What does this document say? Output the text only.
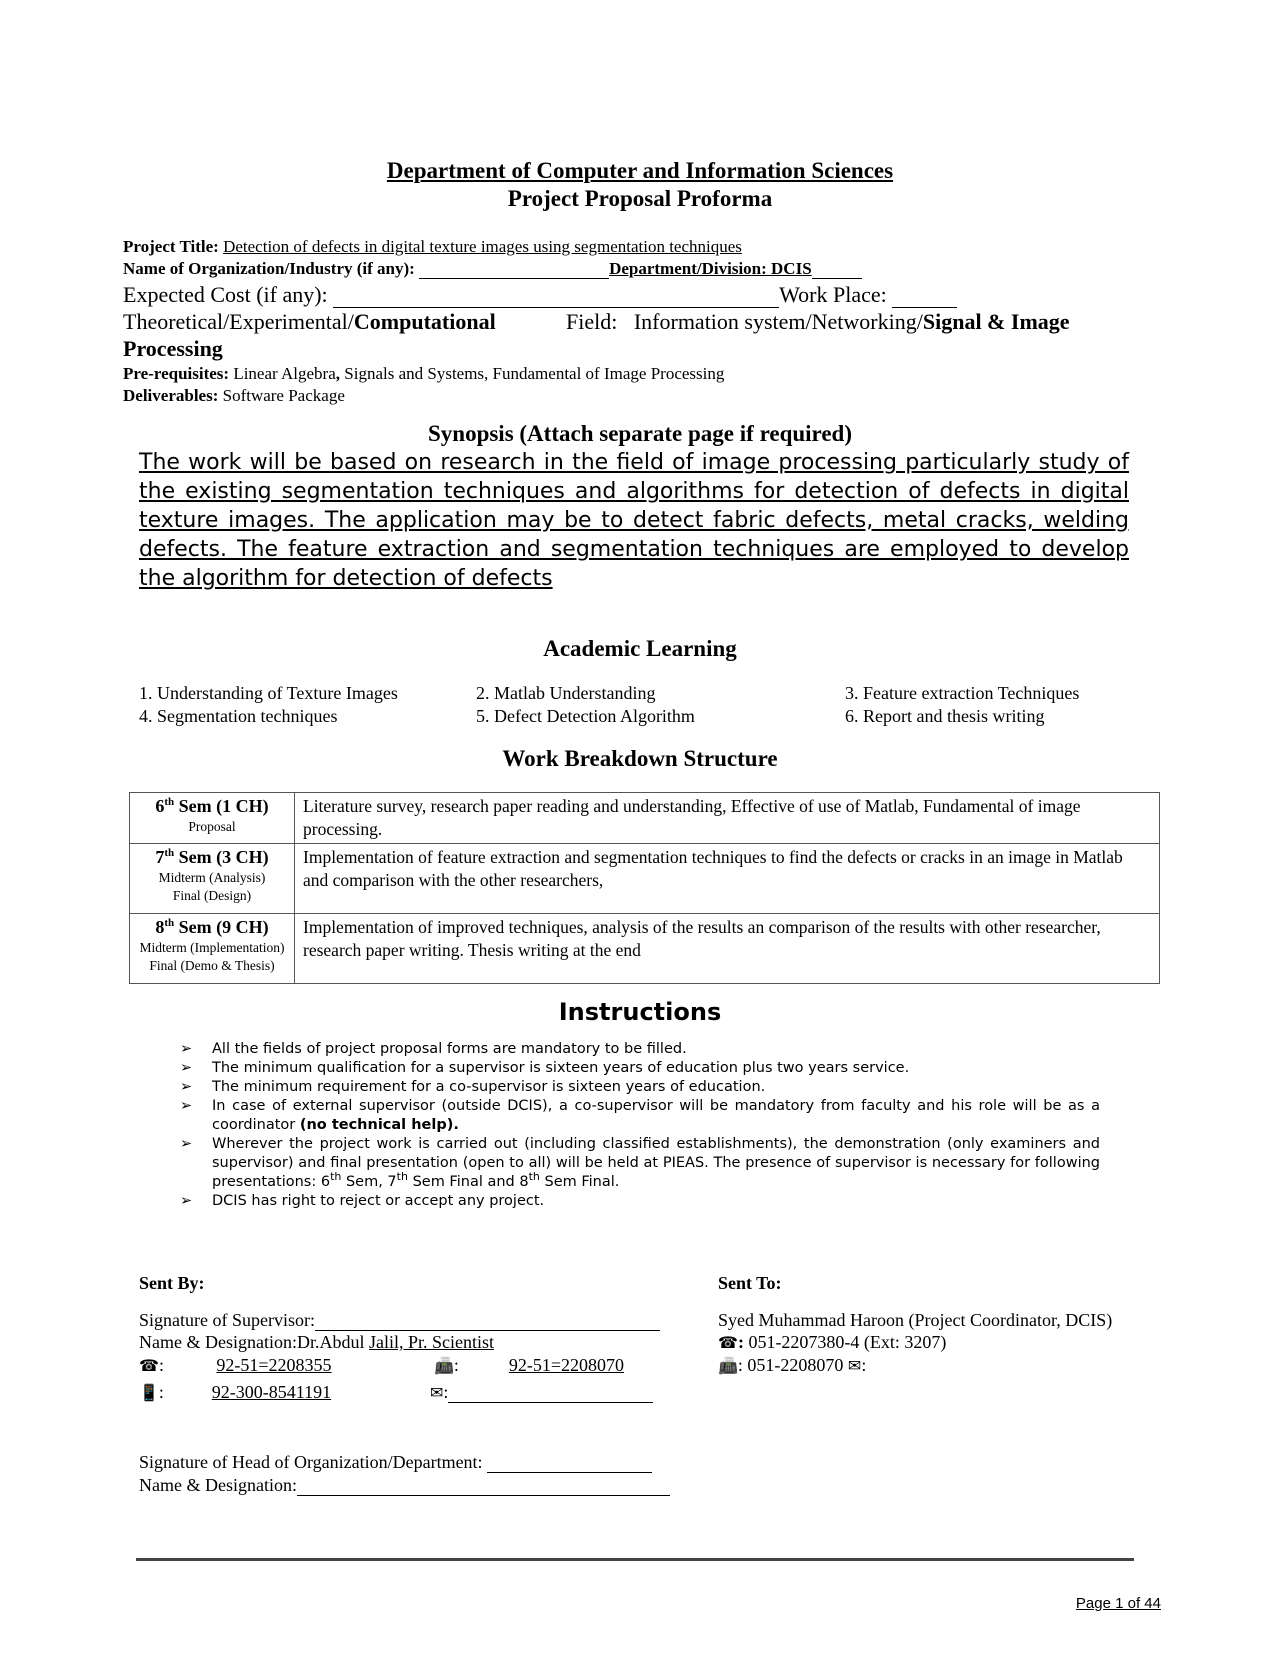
Department of Computer and Information Sciences
Project Proposal Proforma
Project Title: Detection of defects in digital texture images using segmentation techniques
Name of Organization/Industry (if any):	Department/Division: DCIS
Expected Cost (if any):	Work Place:
Theoretical/Experimental/Computational	Field: Information system/Networking/Signal & Image
Processing
Pre-requisites: Linear Algebra, Signals and Systems, Fundamental of Image Processing
Deliverables: Software Package
Synopsis (Attach separate page if required)
The work will be based on research in the field of image processing particularly study of the existing segmentation techniques and algorithms for detection of defects in digital texture images. The application may be to detect fabric defects, metal cracks, welding defects. The feature extraction and segmentation techniques are employed to develop the algorithm for detection of defects
Academic Learning
1. Understanding of Texture Images	2. Matlab Understanding	3. Feature extraction Techniques
4. Segmentation techniques	5. Defect Detection Algorithm	6. Report and thesis writing
Work Breakdown Structure
6th Sem (1 CH)
Proposal	Literature survey, research paper reading and understanding, Effective of use of Matlab, Fundamental of image processing.

7th Sem (3 CH)
Midterm (Analysis)
Final (Design)	Implementation of feature extraction and segmentation techniques to find the defects or cracks in an image in Matlab and comparison with the other researchers,

8th Sem (9 CH)
Midterm (Implementation)
Final (Demo & Thesis)	Implementation of improved techniques, analysis of the results an comparison of the results with other researcher, research paper writing. Thesis writing at the end
Instructions
➢ All the fields of project proposal forms are mandatory to be filled.
➢ The minimum qualification for a supervisor is sixteen years of education plus two years service.
➢ The minimum requirement for a co-supervisor is sixteen years of education.
➢ In case of external supervisor (outside DCIS), a co-supervisor will be mandatory from faculty and his role will be as a coordinator (no technical help).
➢ Wherever the project work is carried out (including classified establishments), the demonstration (only examiners and supervisor) and final presentation (open to all) will be held at PIEAS. The presence of supervisor is necessary for following presentations: 6th Sem, 7th Sem Final and 8th Sem Final.
➢ DCIS has right to reject or accept any project.
Sent By:
Signature of Supervisor:
Name & Designation:Dr.Abdul Jalil, Pr. Scientist
☎:	92-51=2208355	📠:	92-51=2208070
📱:	92-300-8541191	✉:
Sent To:
Syed Muhammad Haroon (Project Coordinator, DCIS)
☎: 051-2207380-4 (Ext: 3207)
📠: 051-2208070 ✉:
Signature of Head of Organization/Department:
Name & Designation:
Page 1 of 44
